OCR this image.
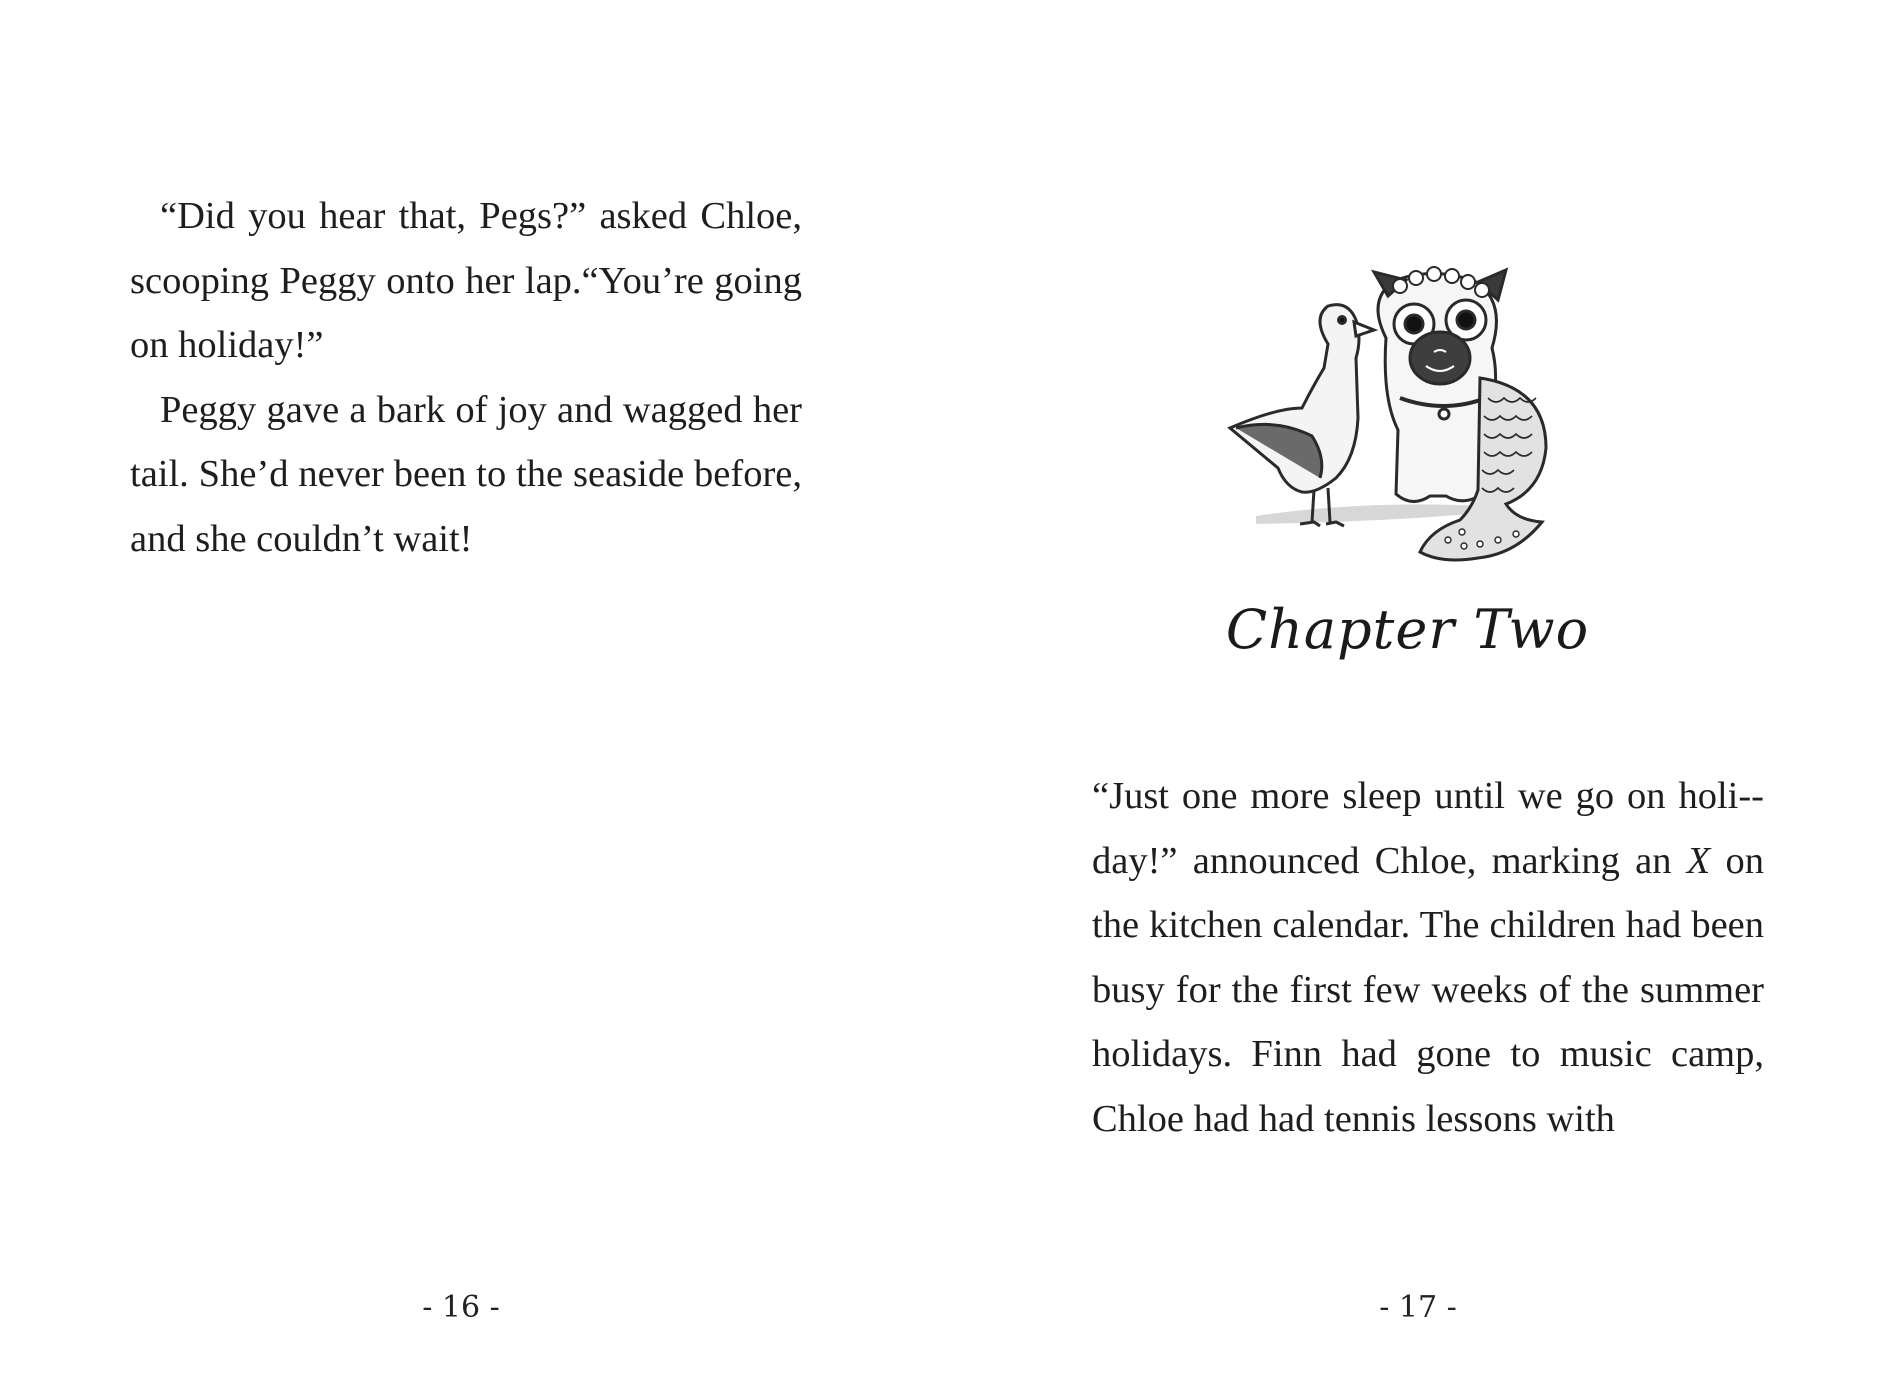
“Did you hear that, Pegs?” asked Chloe, scooping Peggy onto her lap.“You’re going on holiday!”

Peggy gave a bark of joy and wagged her tail. She’d never been to the seaside before, and she couldn’t wait!

- 16 -
Chapter Two

“Just one more sleep until we go on holi-day!” announced Chloe, marking an X on the kitchen calendar. The children had been busy for the first few weeks of the summer holidays. Finn had gone to music camp, Chloe had had tennis lessons with

- 17 -
